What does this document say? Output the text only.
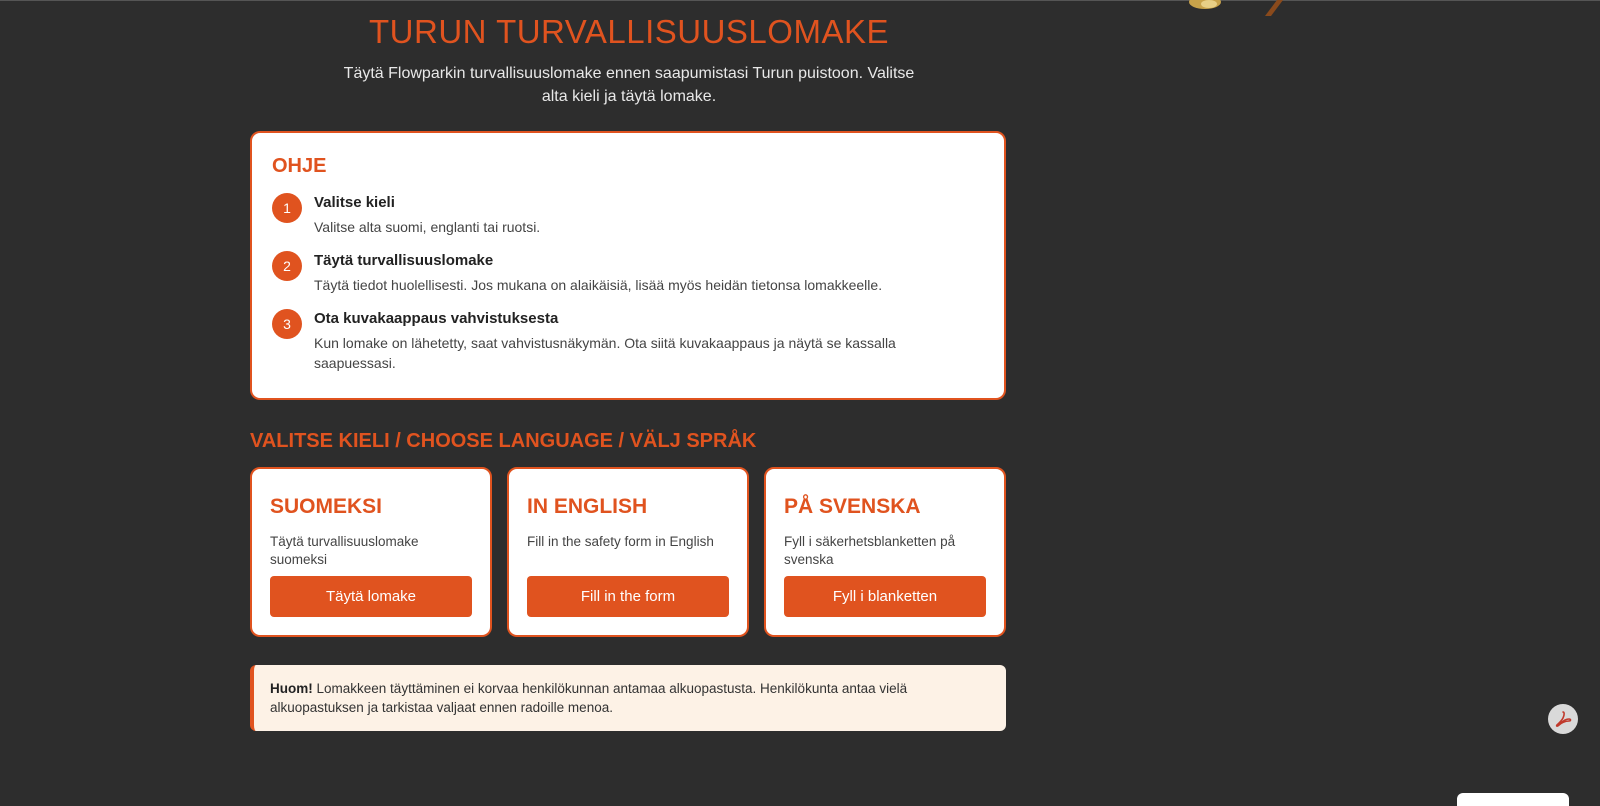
TURUN TURVALLISUUSLOMAKE
Täytä Flowparkin turvallisuuslomake ennen saapumistasi Turun puistoon. Valitse alta kieli ja täytä lomake.
OHJE
1	Valitse kieli
Valitse alta suomi, englanti tai ruotsi.
2	Täytä turvallisuuslomake
Täytä tiedot huolellisesti. Jos mukana on alaikäisiä, lisää myös heidän tietonsa lomakkeelle.
3	Ota kuvakaappaus vahvistuksesta
Kun lomake on lähetetty, saat vahvistusnäkymän. Ota siitä kuvakaappaus ja näytä se kassalla saapuessasi.
VALITSE KIELI / CHOOSE LANGUAGE / VÄLJ SPRÅK
SUOMEKSI
Täytä turvallisuuslomake suomeksi
Täytä lomake
IN ENGLISH
Fill in the safety form in English
Fill in the form
PÅ SVENSKA
Fyll i säkerhetsblanketten på svenska
Fyll i blanketten
Huom! Lomakkeen täyttäminen ei korvaa henkilökunnan antamaa alkuopastusta. Henkilökunta antaa vielä alkuopastuksen ja tarkistaa valjaat ennen radoille menoa.
